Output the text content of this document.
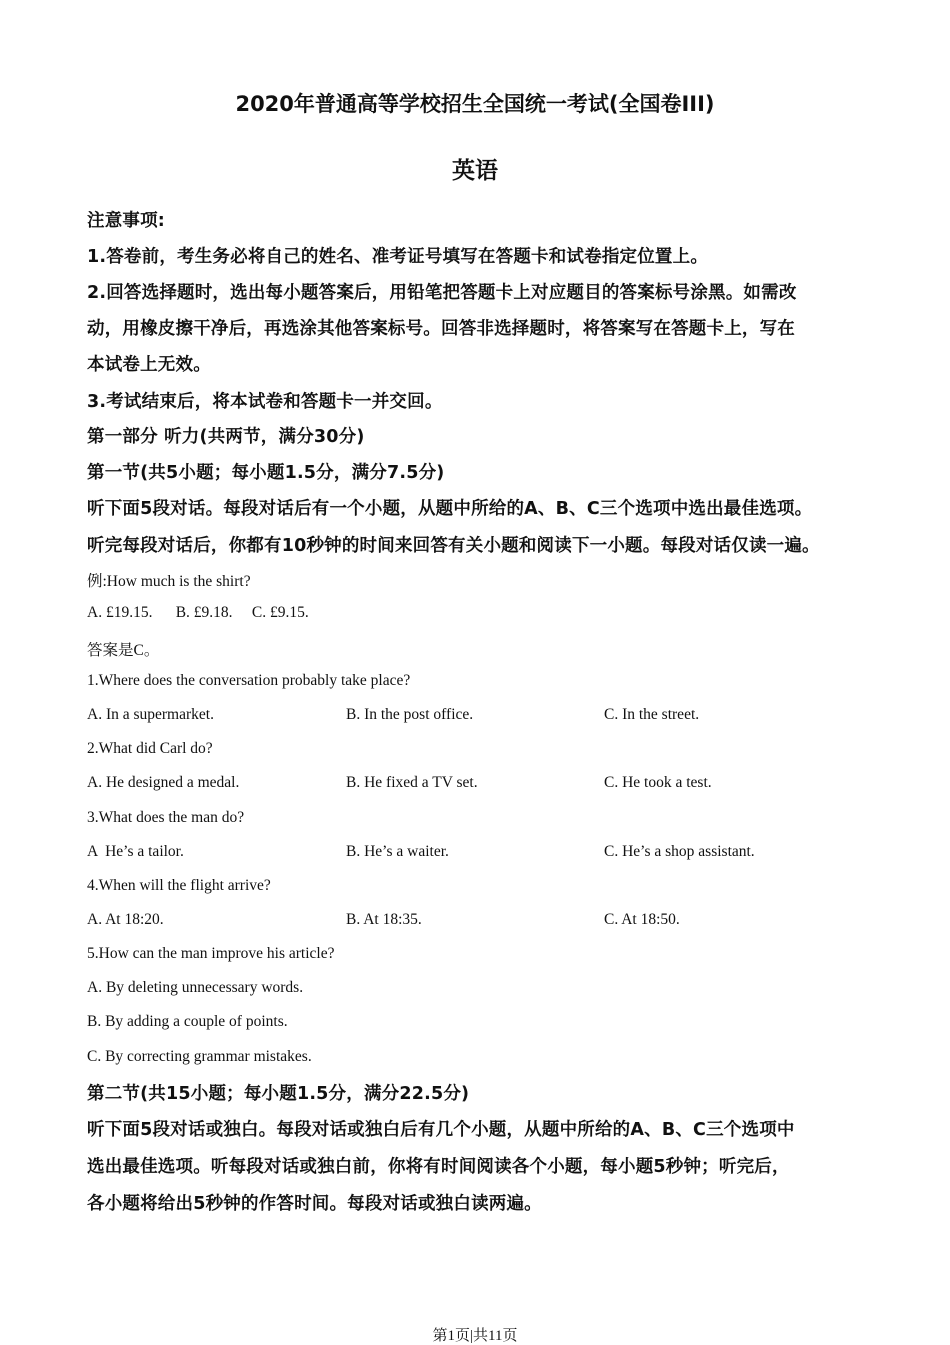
2020年普通高等学校招生全国统一考试(全国卷III)
英语
注意事项:
1.答卷前，考生务必将自己的姓名、准考证号填写在答题卡和试卷指定位置上。
2.回答选择题时，选出每小题答案后，用铅笔把答题卡上对应题目的答案标号涂黑。如需改
动，用橡皮擦干净后，再选涂其他答案标号。回答非选择题时，将答案写在答题卡上，写在
本试卷上无效。
3.考试结束后，将本试卷和答题卡一并交回。
第一部分 听力(共两节，满分30分)
第一节(共5小题；每小题1.5分，满分7.5分)
听下面5段对话。每段对话后有一个小题，从题中所给的A、B、C三个选项中选出最佳选项。
听完每段对话后，你都有10秒钟的时间来回答有关小题和阅读下一小题。每段对话仅读一遍。
例:How much is the shirt?
A. £19.15.      B. £9.18.     C. £9.15.
答案是C。
1.Where does the conversation probably take place?
A. In a supermarket.	B. In the post office.	C. In the street.
2.What did Carl do?
A. He designed a medal.	B. He fixed a TV set.	C. He took a test.
3.What does the man do?
A  He’s a tailor.	B. He’s a waiter.	C. He’s a shop assistant.
4.When will the flight arrive?
A. At 18:20.	B. At 18:35.	C. At 18:50.
5.How can the man improve his article?
A. By deleting unnecessary words.
B. By adding a couple of points.
C. By correcting grammar mistakes.
第二节(共15小题；每小题1.5分，满分22.5分)
听下面5段对话或独白。每段对话或独白后有几个小题，从题中所给的A、B、C三个选项中
选出最佳选项。听每段对话或独白前，你将有时间阅读各个小题，每小题5秒钟；听完后，
各小题将给出5秒钟的作答时间。每段对话或独白读两遍。
第1页|共11页
